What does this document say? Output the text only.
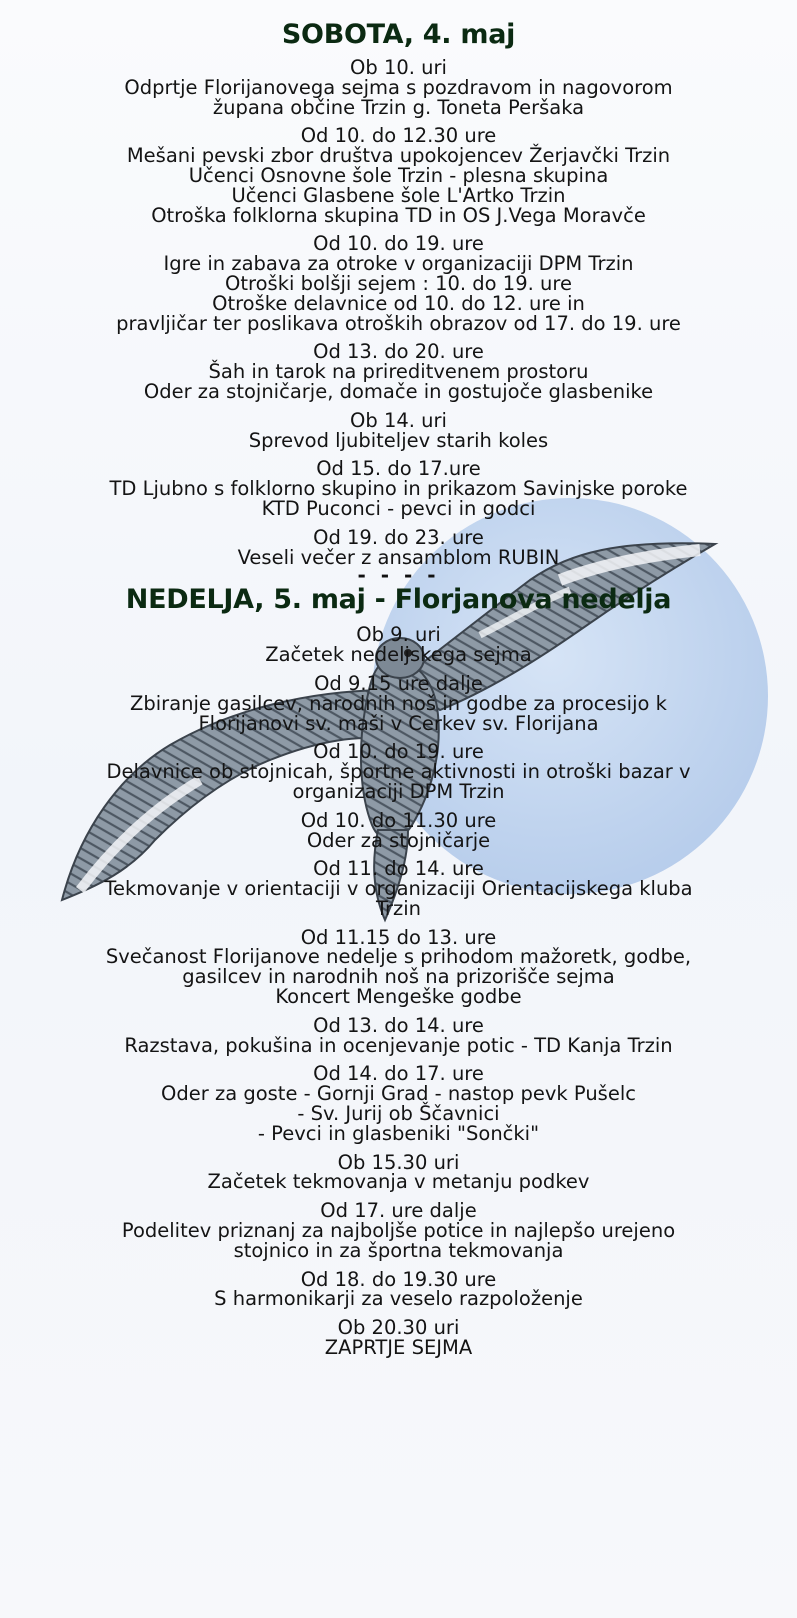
SOBOTA, 4. maj
Ob 10. uri
Odprtje Florijanovega sejma s pozdravom in nagovorom
župana občine Trzin g. Toneta Peršaka
Od 10. do 12.30 ure
Mešani pevski zbor društva upokojencev Žerjavčki Trzin
Učenci Osnovne šole Trzin - plesna skupina
Učenci Glasbene šole L'Artko Trzin
Otroška folklorna skupina TD in OS J.Vega Moravče
Od 10. do 19. ure
Igre in zabava za otroke v organizaciji DPM Trzin
Otroški bolšji sejem : 10. do 19. ure
Otroške delavnice od 10. do 12. ure in
pravljičar ter poslikava otroških obrazov od 17. do 19. ure
Od 13. do 20. ure
Šah in tarok na prireditvenem prostoru
Oder za stojničarje, domače in gostujoče glasbenike
Ob 14. uri
Sprevod ljubiteljev starih koles
Od 15. do 17.ure
TD Ljubno s folklorno skupino in prikazom Savinjske poroke
KTD Puconci - pevci in godci
Od 19. do 23. ure
Veseli večer z ansamblom RUBIN
- - - -
NEDELJA, 5. maj - Florjanova nedelja
Ob 9. uri
Začetek nedeljskega sejma
Od 9.15 ure dalje
Zbiranje gasilcev, narodnih noš in godbe za procesijo k
Florijanovi sv. maši v Cerkev sv. Florijana
Od 10. do 19. ure
Delavnice ob stojnicah, športne aktivnosti in otroški bazar v
organizaciji DPM Trzin
Od 10. do 11.30 ure
Oder za stojničarje
Od 11. do 14. ure
Tekmovanje v orientaciji v organizaciji Orientacijskega kluba
Trzin
Od 11.15 do 13. ure
Svečanost Florijanove nedelje s prihodom mažoretk, godbe,
gasilcev in narodnih noš na prizorišče sejma
Koncert Mengeške godbe
Od 13. do 14. ure
Razstava, pokušina in ocenjevanje potic - TD Kanja Trzin
Od 14. do 17. ure
Oder za goste - Gornji Grad - nastop pevk Pušelc
- Sv. Jurij ob Ščavnici
- Pevci in glasbeniki "Sončki"
Ob 15.30 uri
Začetek tekmovanja v metanju podkev
Od 17. ure dalje
Podelitev priznanj za najboljše potice in najlepšo urejeno
stojnico in za športna tekmovanja
Od 18. do 19.30 ure
S harmonikarji za veselo razpoloženje
Ob 20.30 uri
ZAPRTJE SEJMA
